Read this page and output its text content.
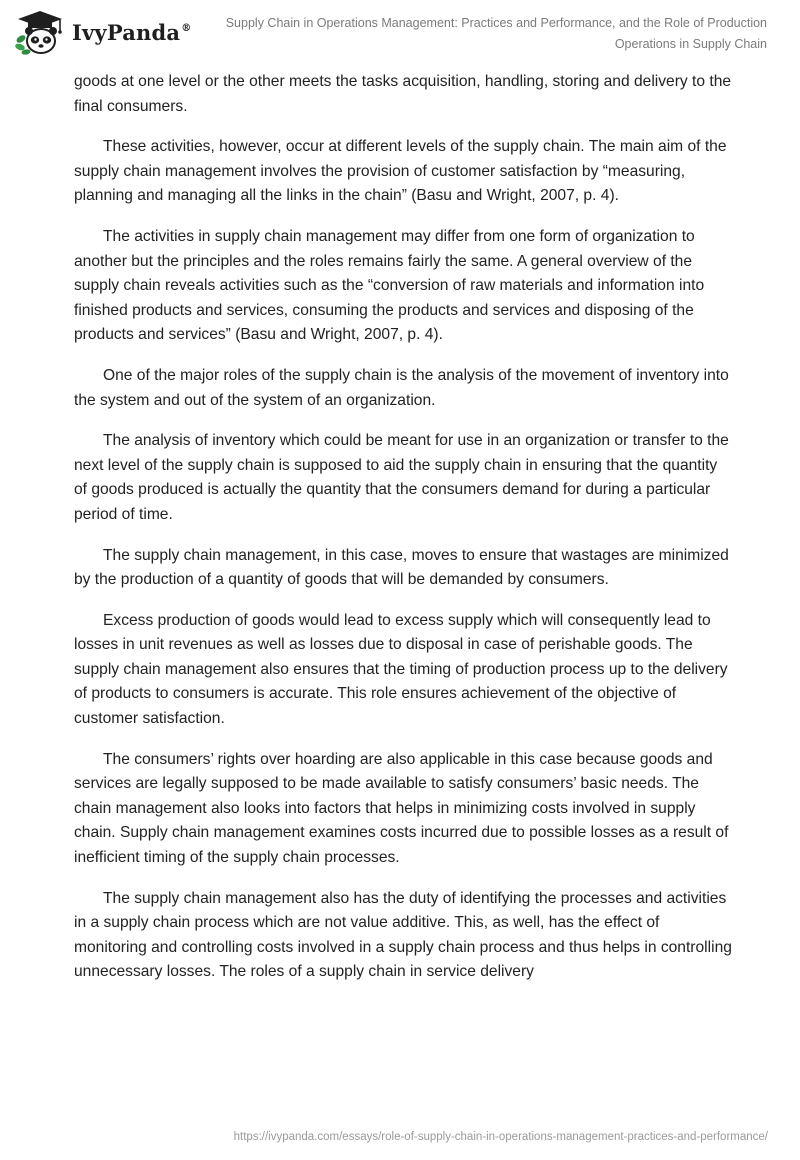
IvyPanda®	Supply Chain in Operations Management: Practices and Performance, and the Role of Production Operations in Supply Chain

goods at one level or the other meets the tasks acquisition, handling, storing and delivery to the final consumers.

These activities, however, occur at different levels of the supply chain. The main aim of the supply chain management involves the provision of customer satisfaction by “measuring, planning and managing all the links in the chain” (Basu and Wright, 2007, p. 4).

The activities in supply chain management may differ from one form of organization to another but the principles and the roles remains fairly the same. A general overview of the supply chain reveals activities such as the “conversion of raw materials and information into finished products and services, consuming the products and services and disposing of the products and services” (Basu and Wright, 2007, p. 4).

One of the major roles of the supply chain is the analysis of the movement of inventory into the system and out of the system of an organization.

The analysis of inventory which could be meant for use in an organization or transfer to the next level of the supply chain is supposed to aid the supply chain in ensuring that the quantity of goods produced is actually the quantity that the consumers demand for during a particular period of time.

The supply chain management, in this case, moves to ensure that wastages are minimized by the production of a quantity of goods that will be demanded by consumers.

Excess production of goods would lead to excess supply which will consequently lead to losses in unit revenues as well as losses due to disposal in case of perishable goods. The supply chain management also ensures that the timing of production process up to the delivery of products to consumers is accurate. This role ensures achievement of the objective of customer satisfaction.

The consumers’ rights over hoarding are also applicable in this case because goods and services are legally supposed to be made available to satisfy consumers’ basic needs. The chain management also looks into factors that helps in minimizing costs involved in supply chain. Supply chain management examines costs incurred due to possible losses as a result of inefficient timing of the supply chain processes.

The supply chain management also has the duty of identifying the processes and activities in a supply chain process which are not value additive. This, as well, has the effect of monitoring and controlling costs involved in a supply chain process and thus helps in controlling unnecessary losses. The roles of a supply chain in service delivery

https://ivypanda.com/essays/role-of-supply-chain-in-operations-management-practices-and-performance/
